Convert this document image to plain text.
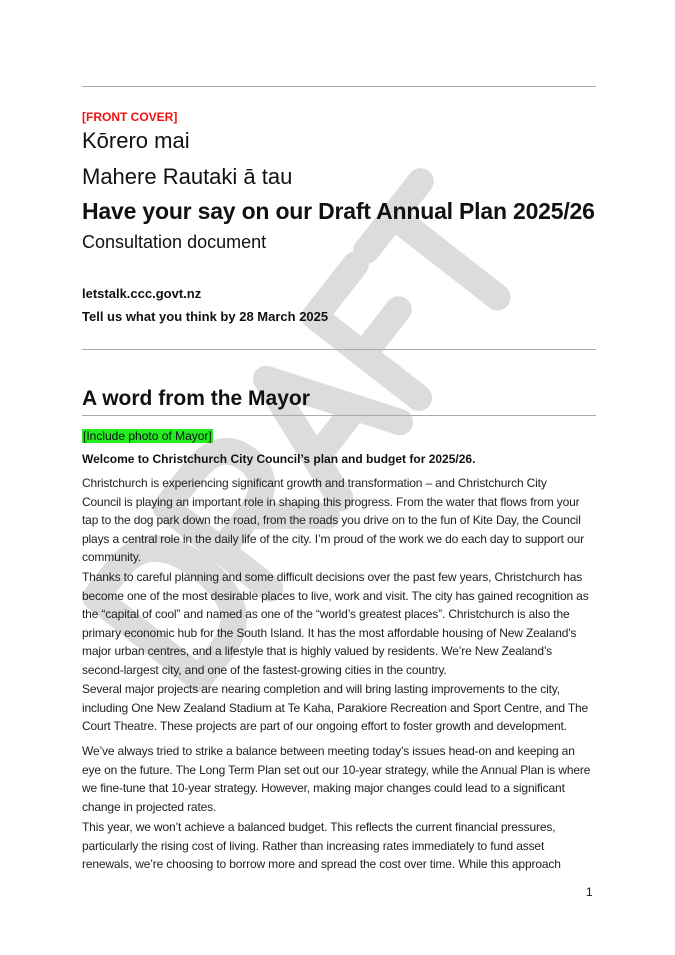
[FRONT COVER]
Kōrero mai
Mahere Rautaki ā tau
Have your say on our Draft Annual Plan 2025/26
Consultation document
letstalk.ccc.govt.nz
Tell us what you think by 28 March 2025
A word from the Mayor
[Include photo of Mayor]
Welcome to Christchurch City Council’s plan and budget for 2025/26.
Christchurch is experiencing significant growth and transformation – and Christchurch City
Council is playing an important role in shaping this progress. From the water that flows from your
tap to the dog park down the road, from the roads you drive on to the fun of Kite Day, the Council
plays a central role in the daily life of the city. I’m proud of the work we do each day to support our
community.
Thanks to careful planning and some difficult decisions over the past few years, Christchurch has
become one of the most desirable places to live, work and visit. The city has gained recognition as
the “capital of cool” and named as one of the “world’s greatest places”. Christchurch is also the
primary economic hub for the South Island. It has the most affordable housing of New Zealand's
major urban centres, and a lifestyle that is highly valued by residents. We’re New Zealand’s
second-largest city, and one of the fastest-growing cities in the country.
Several major projects are nearing completion and will bring lasting improvements to the city,
including One New Zealand Stadium at Te Kaha, Parakiore Recreation and Sport Centre, and The
Court Theatre. These projects are part of our ongoing effort to foster growth and development.
We’ve always tried to strike a balance between meeting today’s issues head-on and keeping an
eye on the future. The Long Term Plan set out our 10-year strategy, while the Annual Plan is where
we fine-tune that 10-year strategy. However, making major changes could lead to a significant
change in projected rates.
This year, we won’t achieve a balanced budget. This reflects the current financial pressures,
particularly the rising cost of living. Rather than increasing rates immediately to fund asset
renewals, we’re choosing to borrow more and spread the cost over time. While this approach
1
